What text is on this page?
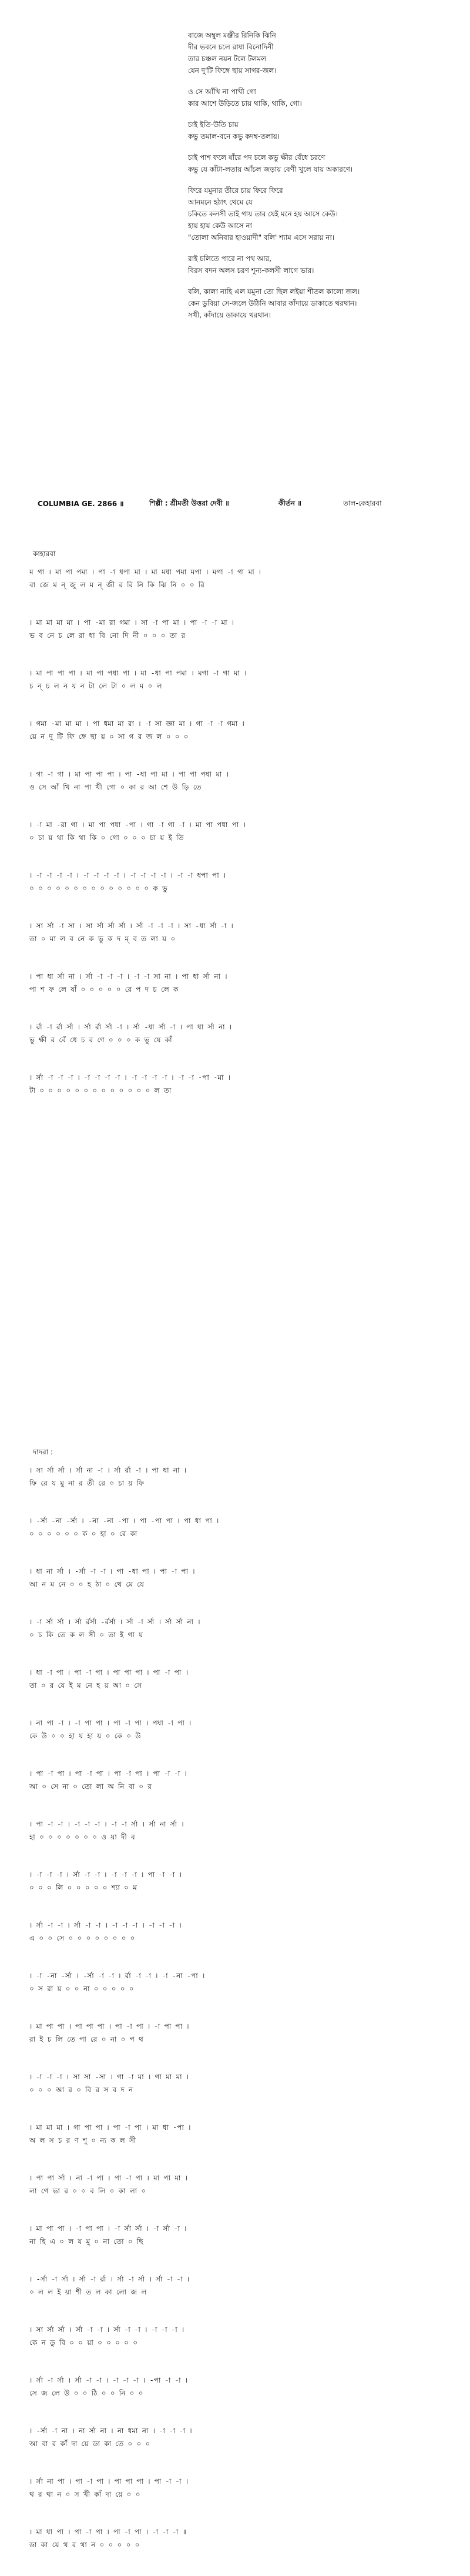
বাজে অম্বুল মঞ্জীর রিনিকি ঝিনি
দীর ভবনে চলে রাধা বিনোদিনী
তার চঞ্চল নয়ন টলে টলমল
যেন দু'টি ফিঙ্গে ছায় সাগর-জল।
ও সে আঁখি না পাখী গো
কার আশে উড়িতে চায় থাকি, থাকি, গো।
চাই ইতি-উতি চায়
কভু তমাল-বনে কভু কদম্ব-তলায়।
চাই পাশ ফলে ষাঁরে পদ চলে কভু ক্ষীর বেঁধে চরণে
কভু যে কাঁটা-লতায় আঁচল জড়ায় বেণী খুলে যায় অকারণে।
ফিরে যমুনার তীরে চায় ফিরে ফিরে
আনমনে হঠাৎ থেমে যে
চকিতে কলসী তাই গায় তার যেই মনে হয় আসে কেউ।
হায় হায় কেউ আসে না
"তোলা অনিবার হাওয়াদী" বলি' শ্যাম এসে সরায় না।
রাই চলিতে পারে না পথ আর,
বিরস বদন অলস চরণ শূন্য-কলসী লাগে ভার।
বলি, কালা নাহি এল যমুনা তো ছিল লইয়া শীতল কালো জল।
কেন ডুবিয়া সে-জলে উঠিনি আবার কাঁদায়ে ডাকাতে থরথান।
সখী, কাঁদায়ে ডাকায়ে থরথান।
COLUMBIA GE. 2866 ॥	শিল্পী : শ্রীমতী উত্তরা দেবী ॥	কীর্তন ॥	তাল-কেহারবা
কাহারবা
ম গা । মা পা পমা । পা -া ধপা মা । মা মধা পমা মপা । মগা -া গা মা ।
বা জে ম ন্ জু ল ম ন্ জী র রি নি কি ঝি নি ০ ০ রি
। মা মা মা মা । পা -মা রা গমা । সা -া পা মা । পা -া -া মা ।
ভ ব নে চ লে রা ধা বি নো দি নী ০ ০ ০ তা র
। মা পা পা পা । মা পা পধা পা । মা -ধা পা পমা । মগা -া গা মা ।
চ ন্ চ ল ন য় ন টা লে টা ০ ল ম ০ ল
। গমা -মা মা মা । পা ধমা মা রা । -া সা জ্ঞা মা । গা -া -া গমা ।
য়ে ন দু টি ফি ঙ্গে ছা য় ০ সা গ র জ ল ০ ০ ০
। গা -া গা । মা পা পা পা । পা -ধা পা মা । পা পা পধা মা ।
ও সে আঁ খি না পা খী গো ০ কা র আ শে উ ড়ি তে
। -া মা -রা গা । মা পা পধা -পা । গা -া গা -া । মা পা পধা পা ।
০ চা য় থা কি থা কি ০ গো ০ ০ ০ চা য় ই তি
। -া -া -া -া । -া -া -া -া । -া -া -া -া । -া -া ধপা পা ।
০ ০ ০ ০ ০ ০ ০ ০ ০ ০ ০ ০ ০ ০ ক ভু
। সা র্সা -া সা । সা র্সা র্সা র্সা । র্সা -া -া -া । সা -ধা র্সা -া ।
তা ০ মা ল ব নে ক ভু ক দ ম্ ব ত লা য় ০
। পা ধা র্সা না । র্সা -া -া -া । -া -া সা না । পা ধা র্সা না ।
পা শ ফ লে ষাঁ ০ ০ ০ ০ ০ রে প দ চ লে ক
। র্রা -া র্রা র্সা । র্সা র্রা র্সা -া । র্সা -ধা র্সা -া । পা ধা র্সা না ।
ভু ক্ষী র বেঁ ধে চ র ণে ০ ০ ০ ক ভু যে কাঁ
। র্সা -া -া -া । -া -া -া -া । -া -া -া -া । -া -া -পা -মা ।
টা ০ ০ ০ ০ ০ ০ ০ ০ ০ ০ ০ ০ ০ ল তা
দাদরা :
। সা র্সা র্সা । র্সা না -া । র্সা র্রা -া । পা ধা না ।
ফি রে য মু না র তী রে ০ চা য় ফি
। -র্সা -না -র্সা । -না -না -পা । পা -পা পা । পা ধা পা ।
০ ০ ০ ০ ০ ০ ক ০ হা ০ রে কা
। ধা না র্সা । -র্সা -া -া । পা -ধা পা । পা -া পা ।
আ ন ম নে ০ ০ হ ঠা ০ থে মে যে
। -া র্সা র্সা । র্সা র্রর্সা -র্রর্সা । র্সা -া র্সা । র্সা র্সা না ।
০ চ কি তে ক ল সী ০ তা ই গা য়
। ধা -া পা । পা -া পা । পা পা পা । পা -া পা ।
তা ০ র যে ই ম নে হ য় আ ০ সে
। না পা -া । -া পা পা । পা -া পা । পধা -া পা ।
কে উ ০ ০ হা য় হা য় ০ কে ০ উ
। পা -া পা । পা -া পা । পা -া পা । পা -া -া ।
আ ০ সে না ০ তো লা অ নি বা ০ র
। পা -া -া । -া -া -া । -া -া র্সা । র্সা না র্সা ।
হা ০ ০ ০ ০ ০ ০ ০ ও য়া দী ব
। -া -া -া । র্সা -া -া । -া -া -া । পা -া -া ।
০ ০ ০ লি ০ ০ ০ ০ ০ শ্যা ০ ম
। র্সা -া -া । র্সা -া -া । -া -া -া । -া -া -া ।
এ ০ ০ সে ০ ০ ০ ০ ০ ০ ০ ০
। -া -না -র্সা । -র্সা -া -া । র্রা -া -া । -া -না -পা ।
০ স রা য় ০ ০ না ০ ০ ০ ০ ০
। মা পা পা । পা পা পা । পা -া পা । -া পা পা ।
রা ই চ লি তে পা রে ০ না ০ প থ
। -া -া -া । সা সা -সা । গা -া মা । গা মা মা ।
০ ০ ০ আ র ০ বি র স ব দ ন
। মা মা মা । গা পা পা । পা -া পা । মা ধা -পা ।
অ ল স চ র ণ শূ ০ ন্য ক ল সী
। পা পা র্সা । না -া পা । পা -া পা । মা পা মা ।
লা গে ভা র ০ ০ ব লি ০ কা লা ০
। মা পা পা । -া পা পা । -া র্সা র্সা । -া র্সা -া ।
না হি এ ০ ল য মু ০ না তো ০ ছি
। -র্সা -া র্সা । র্সা -া র্রা । র্সা -া র্সা । র্সা -া -া ।
০ ল ল ই য়া শী ত ল কা লো জ ল
। সা র্সা র্সা । র্সা -া -া । র্সা -া -া । -া -া -া ।
কে ন ডু বি ০ ০ য়া ০ ০ ০ ০ ০
। র্সা -া র্সা । র্সা -া -া । -া -া -া । -পা -া -া ।
সে জ লে উ ০ ০ ঠি ০ ০ নি ০ ০
। -র্সা -া না । না র্সা না । না ধমা না । -া -া -া ।
আ বা র কাঁ দা য়ে ডা কা তে ০ ০ ০
। র্সা না পা । পা -া পা । পা পা পা । পা -া -া ।
থ র থা ন ০ স খী কাঁ দা য়ে ০ ০
। মা ধা পা । পা -া পা । পা -া পা । -া -া -া ॥
ডা কা য়ে থ র থা ন ০ ০ ০ ০ ০
